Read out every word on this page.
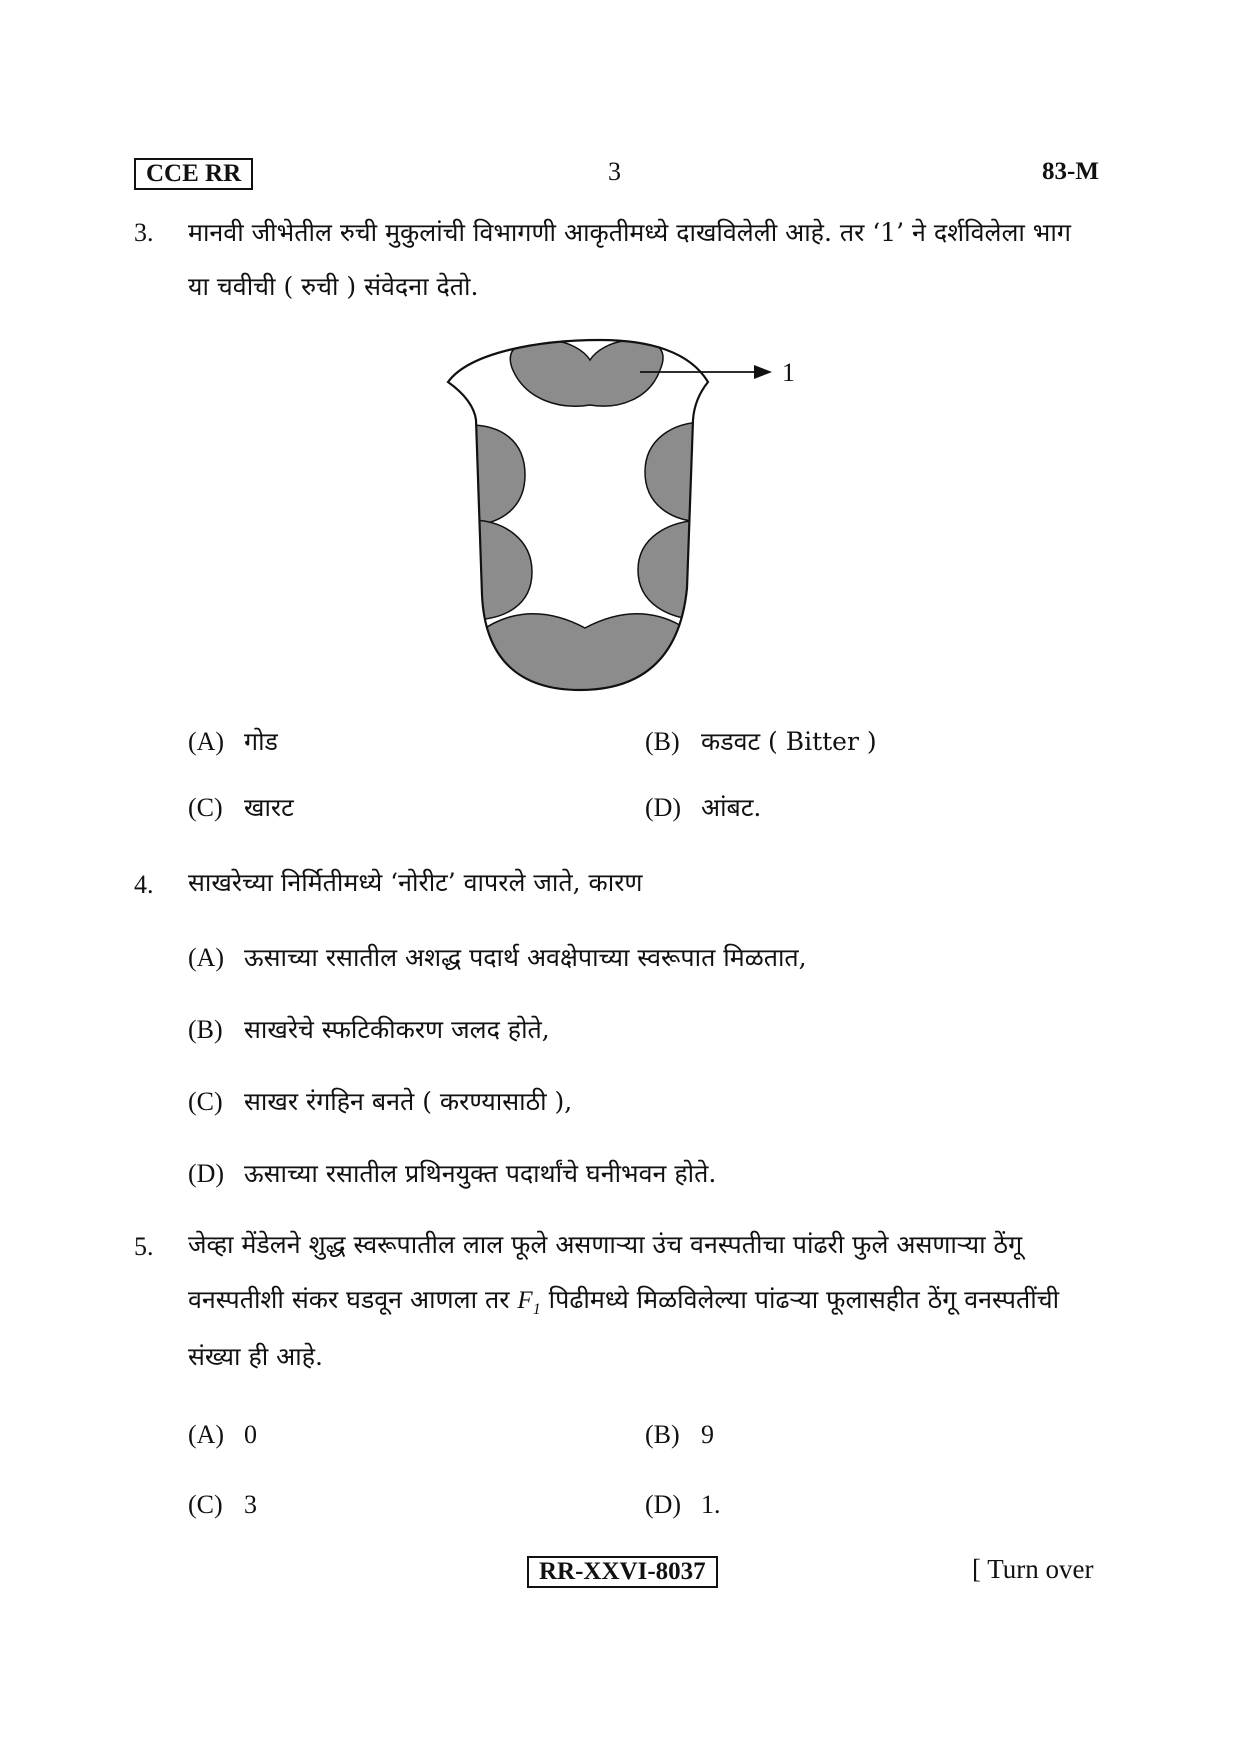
CCE RR	3	83-M
3. मानवी जीभेतील रुची मुकुलांची विभागणी आकृतीमध्ये दाखविलेली आहे. तर ‘1’ ने दर्शविलेला भाग
या चवीची ( रुची ) संवेदना देतो.
1
(A) गोड	(B) कडवट ( Bitter )
(C) खारट	(D) आंबट.
4. साखरेच्या निर्मितीमध्ये ‘नोरीट’ वापरले जाते, कारण
(A) ऊसाच्या रसातील अशद्ध पदार्थ अवक्षेपाच्या स्वरूपात मिळतात,
(B) साखरेचे स्फटिकीकरण जलद होते,
(C) साखर रंगहिन बनते ( करण्यासाठी ),
(D) ऊसाच्या रसातील प्रथिनयुक्त पदार्थांचे घनीभवन होते.
5. जेव्हा मेंडेलने शुद्ध स्वरूपातील लाल फूले असणाऱ्या उंच वनस्पतीचा पांढरी फुले असणाऱ्या ठेंगू
वनस्पतीशी संकर घडवून आणला तर $F_1$ पिढीमध्ये मिळविलेल्या पांढऱ्या फूलासहीत ठेंगू वनस्पतींची
संख्या ही आहे.
(A) 0	(B) 9
(C) 3	(D) 1.
RR-XXVI-8037	[ Turn over
